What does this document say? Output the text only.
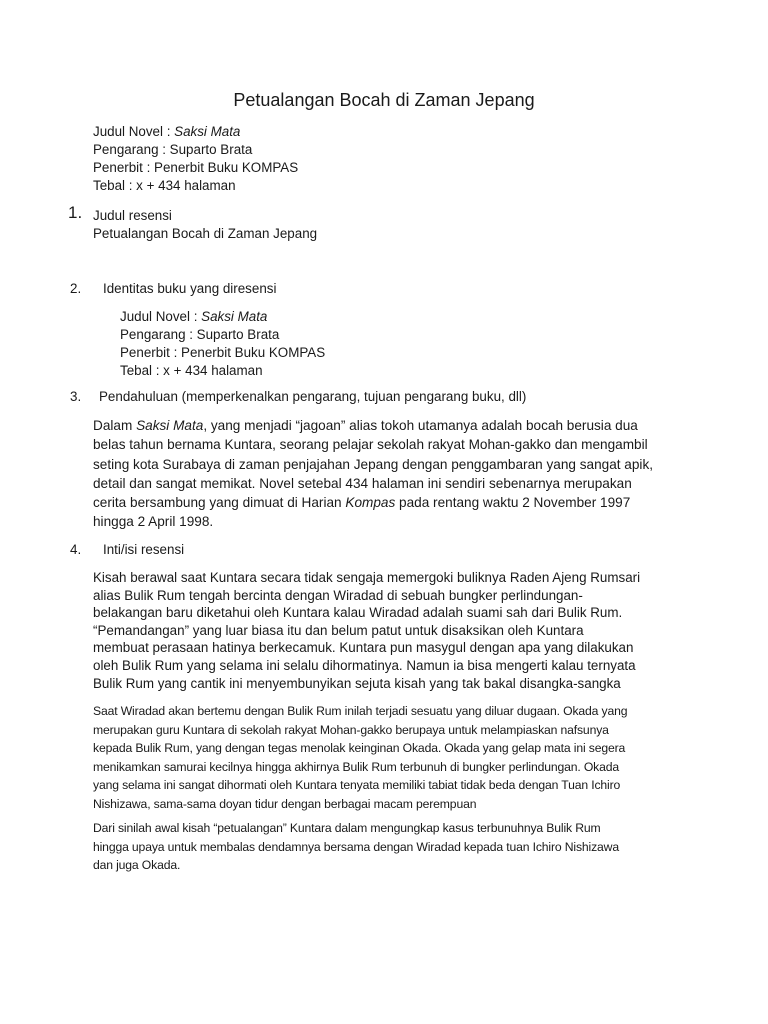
Petualangan Bocah di Zaman Jepang
Judul Novel : Saksi Mata
Pengarang : Suparto Brata
Penerbit : Penerbit Buku KOMPAS
Tebal : x + 434 halaman
1. Judul resensi
Petualangan Bocah di Zaman Jepang
2. Identitas buku yang diresensi
Judul Novel : Saksi Mata
Pengarang : Suparto Brata
Penerbit : Penerbit Buku KOMPAS
Tebal : x + 434 halaman
3. Pendahuluan (memperkenalkan pengarang, tujuan pengarang buku, dll)
Dalam Saksi Mata, yang menjadi “jagoan” alias tokoh utamanya adalah bocah berusia dua
belas tahun bernama Kuntara, seorang pelajar sekolah rakyat Mohan-gakko dan mengambil
seting kota Surabaya di zaman penjajahan Jepang dengan penggambaran yang sangat apik,
detail dan sangat memikat. Novel setebal 434 halaman ini sendiri sebenarnya merupakan
cerita bersambung yang dimuat di Harian Kompas pada rentang waktu 2 November 1997
hingga 2 April 1998.
4. Inti/isi resensi
Kisah berawal saat Kuntara secara tidak sengaja memergoki buliknya Raden Ajeng Rumsari
alias Bulik Rum tengah bercinta dengan Wiradad di sebuah bungker perlindungan-
belakangan baru diketahui oleh Kuntara kalau Wiradad adalah suami sah dari Bulik Rum.
“Pemandangan” yang luar biasa itu dan belum patut untuk disaksikan oleh Kuntara
membuat perasaan hatinya berkecamuk. Kuntara pun masygul dengan apa yang dilakukan
oleh Bulik Rum yang selama ini selalu dihormatinya. Namun ia bisa mengerti kalau ternyata
Bulik Rum yang cantik ini menyembunyikan sejuta kisah yang tak bakal disangka-sangka
Saat Wiradad akan bertemu dengan Bulik Rum inilah terjadi sesuatu yang diluar dugaan. Okada yang
merupakan guru Kuntara di sekolah rakyat Mohan-gakko berupaya untuk melampiaskan nafsunya
kepada Bulik Rum, yang dengan tegas menolak keinginan Okada. Okada yang gelap mata ini segera
menikamkan samurai kecilnya hingga akhirnya Bulik Rum terbunuh di bungker perlindungan. Okada
yang selama ini sangat dihormati oleh Kuntara tenyata memiliki tabiat tidak beda dengan Tuan Ichiro
Nishizawa, sama-sama doyan tidur dengan berbagai macam perempuan
Dari sinilah awal kisah “petualangan” Kuntara dalam mengungkap kasus terbunuhnya Bulik Rum
hingga upaya untuk membalas dendamnya bersama dengan Wiradad kepada tuan Ichiro Nishizawa
dan juga Okada.
